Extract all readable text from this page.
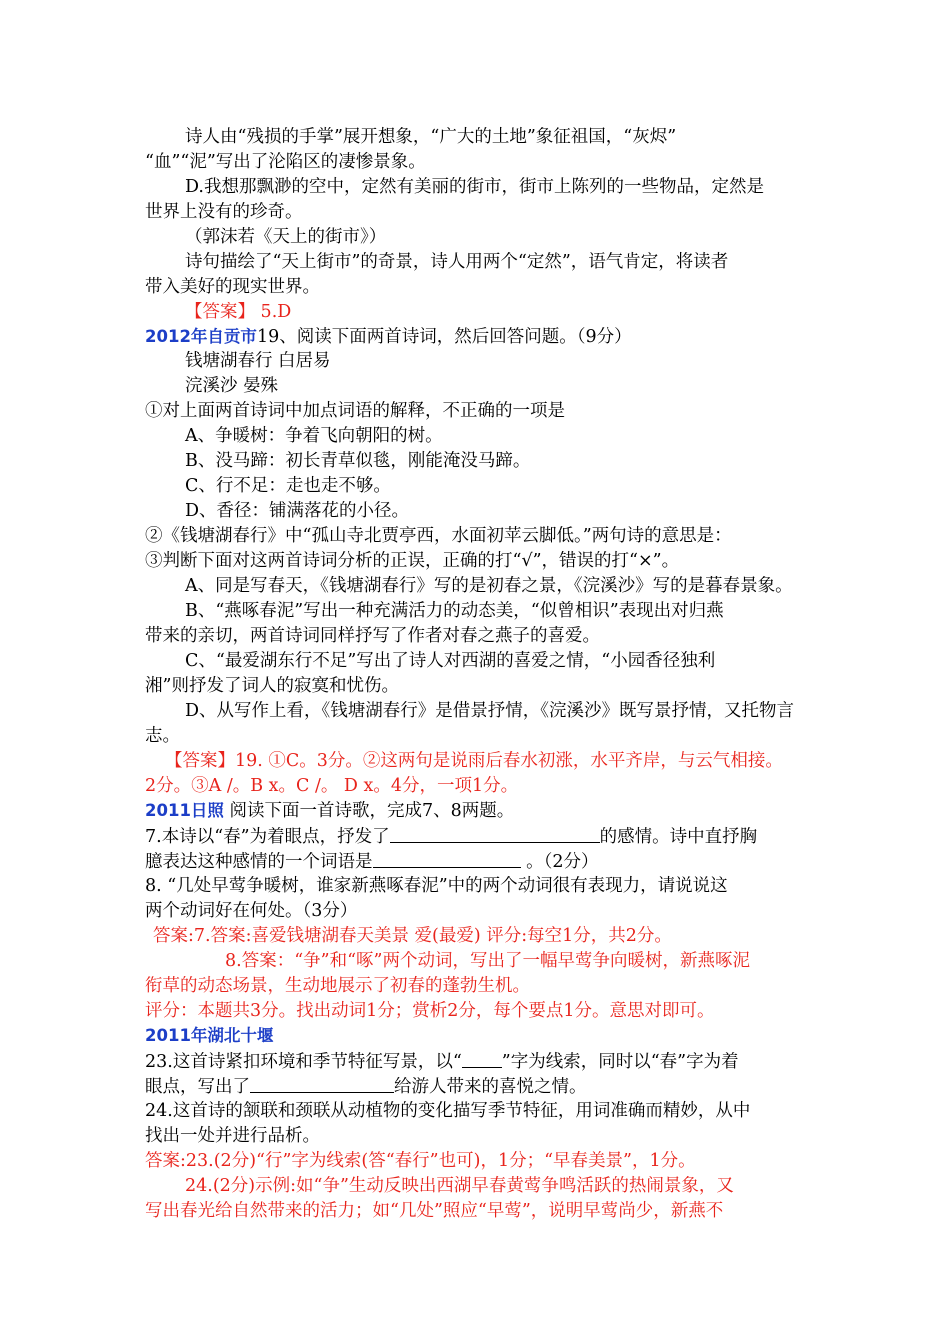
诗人由“残损的手掌”展开想象，“广大的土地”象征祖国，“灰烬”
“血”“泥”写出了沦陷区的凄惨景象。
D.我想那飘渺的空中，定然有美丽的街市，街市上陈列的一些物品，定然是
世界上没有的珍奇。
（郭沫若《天上的街市》）
诗句描绘了“天上街市”的奇景，诗人用两个“定然”，语气肯定，将读者
带入美好的现实世界。
【答案】 5.D
2012年自贡市19、阅读下面两首诗词，然后回答问题。（9分）
钱塘湖春行 白居易
浣溪沙 晏殊
①对上面两首诗词中加点词语的解释，不正确的一项是
A、争暖树：争着飞向朝阳的树。
B、没马蹄：初长青草似毯，刚能淹没马蹄。
C、行不足：走也走不够。
D、香径：铺满落花的小径。
②《钱塘湖春行》中“孤山寺北贾亭西，水面初苹云脚低。”两句诗的意思是：
③判断下面对这两首诗词分析的正误，正确的打“√”，错误的打“×”。
A、同是写春天，《钱塘湖春行》写的是初春之景，《浣溪沙》写的是暮春景象。
B、“燕啄春泥”写出一种充满活力的动态美，“似曾相识”表现出对归燕
带来的亲切，两首诗词同样抒写了作者对春之燕子的喜爱。
C、“最爱湖东行不足”写出了诗人对西湖的喜爱之情，“小园香径独利
湘”则抒发了词人的寂寞和忧伤。
D、从写作上看，《钱塘湖春行》是借景抒情，《浣溪沙》既写景抒情，又托物言
志。
【答案】19. ①C。3分。②这两句是说雨后春水初涨，水平齐岸，与云气相接。
2分。③A /。B x。C /。 D x。4分，一项1分。
2011日照 阅读下面一首诗歌，完成7、8两题。
7.本诗以“春”为着眼点，抒发了	的感情。诗中直抒胸
臆表达这种感情的一个词语是	。（2分）
8. “几处早莺争暖树，谁家新燕啄春泥”中的两个动词很有表现力，请说说这
两个动词好在何处。（3分）
答案:7.答案:喜爱钱塘湖春天美景 爱(最爱) 评分:每空1分，共2分。
8.答案：“争”和“啄”两个动词，写出了一幅早莺争向暖树，新燕啄泥
衔草的动态场景，生动地展示了初春的蓬勃生机。
评分：本题共3分。找出动词1分；赏析2分，每个要点1分。意思对即可。
2011年湖北十堰
23.这首诗紧扣环境和季节特征写景，以“ ”字为线索，同时以“春”字为着
眼点，写出了	给游人带来的喜悦之情。
24.这首诗的颔联和颈联从动植物的变化描写季节特征，用词准确而精妙，从中
找出一处并进行品析。
答案:23.(2分)“行”字为线索(答“春行”也可)，1分；“早春美景”，1分。
24.(2分)示例:如“争”生动反映出西湖早春黄莺争鸣活跃的热闹景象，又
写出春光给自然带来的活力；如“几处”照应“早莺”，说明早莺尚少，新燕不
